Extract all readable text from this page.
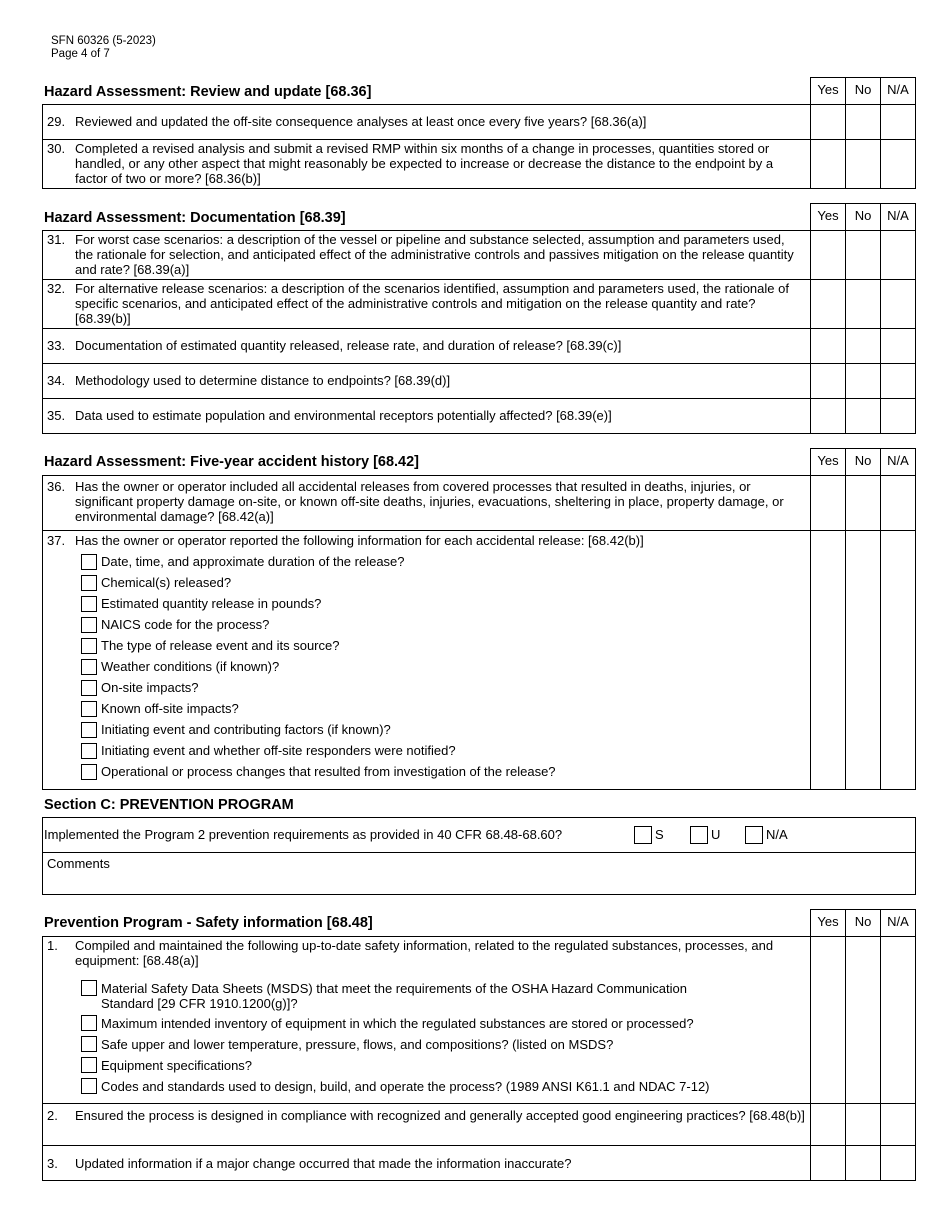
SFN 60326 (5-2023)
Page 4 of 7
Hazard Assessment: Review and update [68.36]	Yes	No	N/A
29. Reviewed and updated the off-site consequence analyses at least once every five years? [68.36(a)]
30. Completed a revised analysis and submit a revised RMP within six months of a change in processes, quantities stored or handled, or any other aspect that might reasonably be expected to increase or decrease the distance to the endpoint by a factor of two or more? [68.36(b)]
Hazard Assessment: Documentation [68.39]	Yes	No	N/A
31. For worst case scenarios: a description of the vessel or pipeline and substance selected, assumption and parameters used, the rationale for selection, and anticipated effect of the administrative controls and passives mitigation on the release quantity and rate? [68.39(a)]
32. For alternative release scenarios: a description of the scenarios identified, assumption and parameters used, the rationale of specific scenarios, and anticipated effect of the administrative controls and mitigation on the release quantity and rate? [68.39(b)]
33. Documentation of estimated quantity released, release rate, and duration of release? [68.39(c)]
34. Methodology used to determine distance to endpoints? [68.39(d)]
35. Data used to estimate population and environmental receptors potentially affected? [68.39(e)]
Hazard Assessment: Five-year accident history [68.42]	Yes	No	N/A
36. Has the owner or operator included all accidental releases from covered processes that resulted in deaths, injuries, or significant property damage on-site, or known off-site deaths, injuries, evacuations, sheltering in place, property damage, or environmental damage? [68.42(a)]
37. Has the owner or operator reported the following information for each accidental release: [68.42(b)]
Date, time, and approximate duration of the release?
Chemical(s) released?
Estimated quantity release in pounds?
NAICS code for the process?
The type of release event and its source?
Weather conditions (if known)?
On-site impacts?
Known off-site impacts?
Initiating event and contributing factors (if known)?
Initiating event and whether off-site responders were notified?
Operational or process changes that resulted from investigation of the release?
Section C: PREVENTION PROGRAM
Implemented the Program 2 prevention requirements as provided in 40 CFR 68.48-68.60?	S	U	N/A
Comments
Prevention Program - Safety information [68.48]	Yes	No	N/A
1. Compiled and maintained the following up-to-date safety information, related to the regulated substances, processes, and equipment: [68.48(a)]
Material Safety Data Sheets (MSDS) that meet the requirements of the OSHA Hazard Communication Standard [29 CFR 1910.1200(g)]?
Maximum intended inventory of equipment in which the regulated substances are stored or processed?
Safe upper and lower temperature, pressure, flows, and compositions? (listed on MSDS?
Equipment specifications?
Codes and standards used to design, build, and operate the process? (1989 ANSI K61.1 and NDAC 7-12)
2. Ensured the process is designed in compliance with recognized and generally accepted good engineering practices? [68.48(b)]
3. Updated information if a major change occurred that made the information inaccurate?
